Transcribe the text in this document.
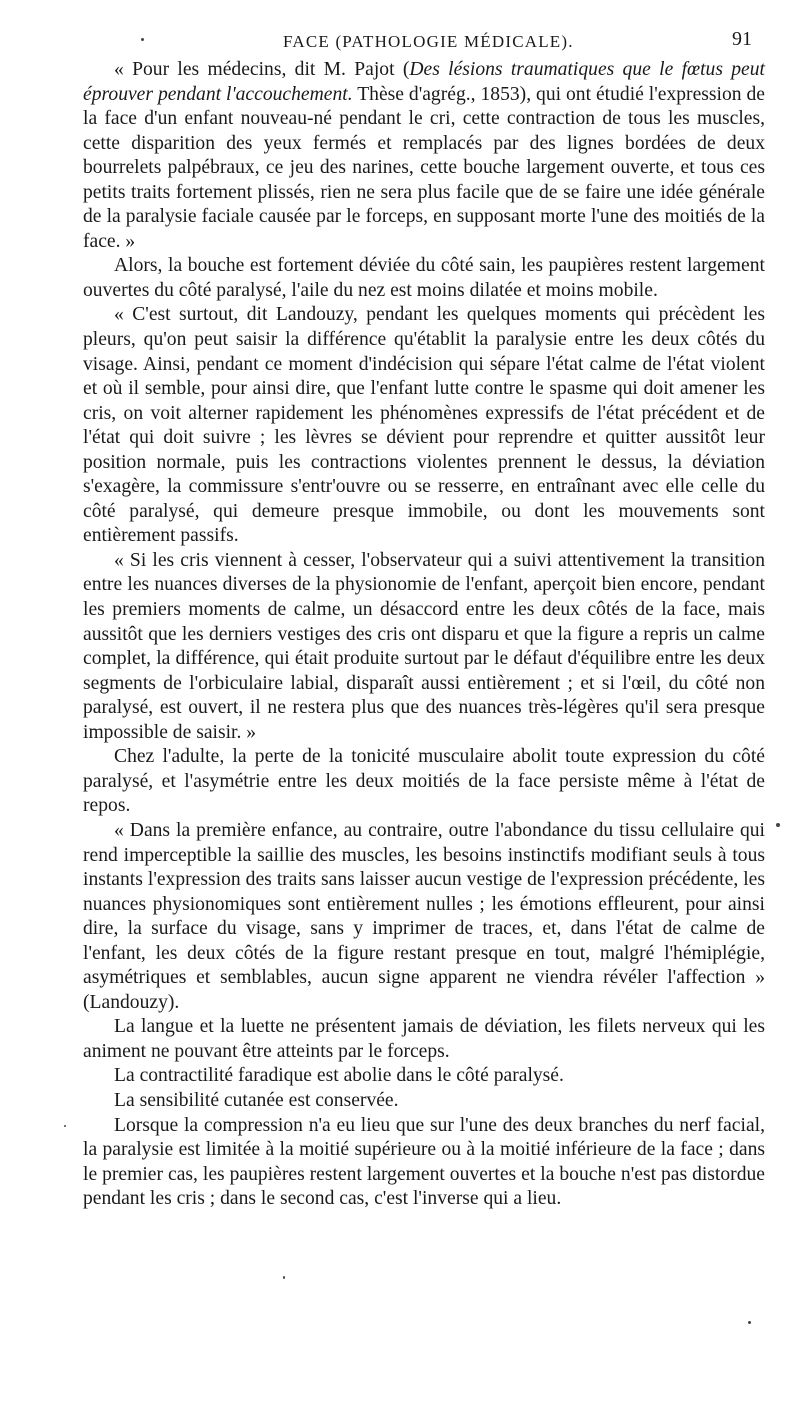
FACE (PATHOLOGIE MÉDICALE).	91

« Pour les médecins, dit M. Pajot (Des lésions traumatiques que le fœtus peut éprouver pendant l'accouchement. Thèse d'agrég., 1853), qui ont étudié l'expression de la face d'un enfant nouveau-né pendant le cri, cette contraction de tous les muscles, cette disparition des yeux fermés et remplacés par des lignes bordées de deux bourrelets palpébraux, ce jeu des narines, cette bouche largement ouverte, et tous ces petits traits fortement plissés, rien ne sera plus facile que de se faire une idée générale de la paralysie faciale causée par le forceps, en supposant morte l'une des moitiés de la face. »

Alors, la bouche est fortement déviée du côté sain, les paupières restent largement ouvertes du côté paralysé, l'aile du nez est moins dilatée et moins mobile.

« C'est surtout, dit Landouzy, pendant les quelques moments qui précèdent les pleurs, qu'on peut saisir la différence qu'établit la paralysie entre les deux côtés du visage. Ainsi, pendant ce moment d'indécision qui sépare l'état calme de l'état violent et où il semble, pour ainsi dire, que l'enfant lutte contre le spasme qui doit amener les cris, on voit alterner rapidement les phénomènes expressifs de l'état précédent et de l'état qui doit suivre ; les lèvres se dévient pour reprendre et quitter aussitôt leur position normale, puis les contractions violentes prennent le dessus, la déviation s'exagère, la commissure s'entr'ouvre ou se resserre, en entraînant avec elle celle du côté paralysé, qui demeure presque immobile, ou dont les mouvements sont entièrement passifs.

« Si les cris viennent à cesser, l'observateur qui a suivi attentivement la transition entre les nuances diverses de la physionomie de l'enfant, aperçoit bien encore, pendant les premiers moments de calme, un désaccord entre les deux côtés de la face, mais aussitôt que les derniers vestiges des cris ont disparu et que la figure a repris un calme complet, la différence, qui était produite surtout par le défaut d'équilibre entre les deux segments de l'orbiculaire labial, disparaît aussi entièrement ; et si l'œil, du côté non paralysé, est ouvert, il ne restera plus que des nuances très-légères qu'il sera presque impossible de saisir. »

Chez l'adulte, la perte de la tonicité musculaire abolit toute expression du côté paralysé, et l'asymétrie entre les deux moitiés de la face persiste même à l'état de repos.

« Dans la première enfance, au contraire, outre l'abondance du tissu cellulaire qui rend imperceptible la saillie des muscles, les besoins instinctifs modifiant seuls à tous instants l'expression des traits sans laisser aucun vestige de l'expression précédente, les nuances physionomiques sont entièrement nulles ; les émotions effleurent, pour ainsi dire, la surface du visage, sans y imprimer de traces, et, dans l'état de calme de l'enfant, les deux côtés de la figure restant presque en tout, malgré l'hémiplégie, asymétriques et semblables, aucun signe apparent ne viendra révéler l'affection » (Landouzy).

La langue et la luette ne présentent jamais de déviation, les filets nerveux qui les animent ne pouvant être atteints par le forceps.

La contractilité faradique est abolie dans le côté paralysé.

La sensibilité cutanée est conservée.

Lorsque la compression n'a eu lieu que sur l'une des deux branches du nerf facial, la paralysie est limitée à la moitié supérieure ou à la moitié inférieure de la face ; dans le premier cas, les paupières restent largement ouvertes et la bouche n'est pas distordue pendant les cris ; dans le second cas, c'est l'inverse qui a lieu.
